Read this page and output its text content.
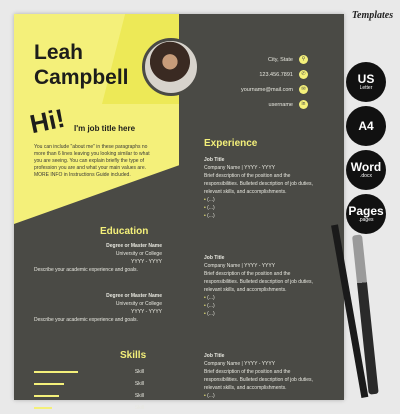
Leah
Campbell
Hi! I'm job title here
You can include "about me" in these paragraphs no more than 6 lines leaving you looking similar to what you are seeing. You can explain briefly the type of profession you are and what your main values are. MORE INFO in Instructions Guide included.
City, State	⚲
123.456.7891	✆
yourname@mail.com	✉
username	in
Education
Degree or Master Name
University or College
YYYY - YYYY
Describe your academic experience and goals.
Degree or Master Name
University or College
YYYY - YYYY
Describe your academic experience and goals.
Skills
Skill
Skill
Skill
Skill
Experience
Job Title
Company Name | YYYY - YYYY
Brief description of the position and the responsibilities. Bulleted description of job duties, relevant skills, and accomplishments.
• (...)
• (...)
• (...)
Job Title
Company Name | YYYY - YYYY
Brief description of the position and the responsibilities. Bulleted description of job duties, relevant skills, and accomplishments.
• (...)
• (...)
• (...)
Job Title
Company Name | YYYY - YYYY
Brief description of the position and the responsibilities. Bulleted description of job duties, relevant skills, and accomplishments.
• (...)
Templates
US
Letter
A4
Word
.docx
Pages
.pages
